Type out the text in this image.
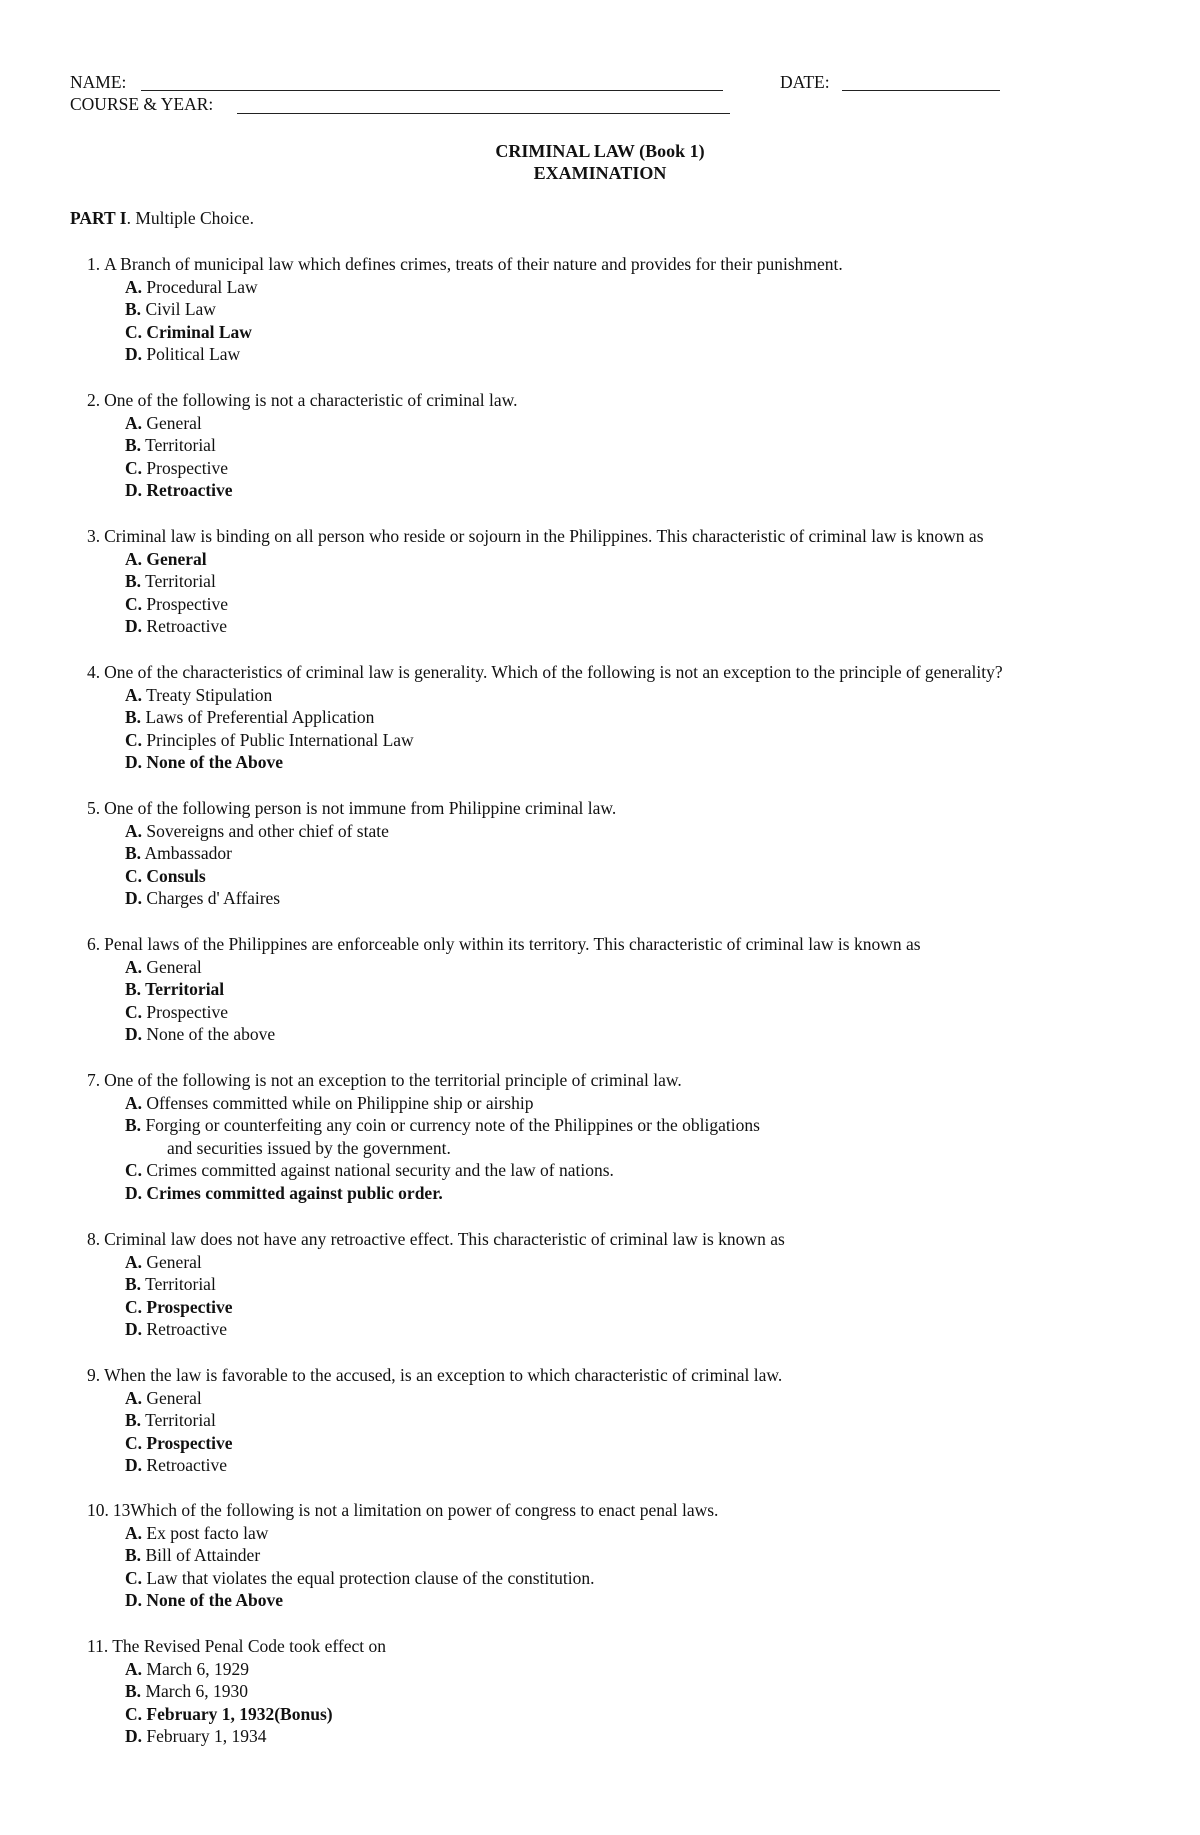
NAME:	DATE:
COURSE & YEAR:
CRIMINAL LAW (Book 1)
EXAMINATION
PART I. Multiple Choice.
1. A Branch of municipal law which defines crimes, treats of their nature and provides for their punishment.
A. Procedural Law
B. Civil Law
C. Criminal Law
D. Political Law
2. One of the following is not a characteristic of criminal law.
A. General
B. Territorial
C. Prospective
D. Retroactive
3. Criminal law is binding on all person who reside or sojourn in the Philippines. This characteristic of criminal law is known as
A. General
B. Territorial
C. Prospective
D. Retroactive
4. One of the characteristics of criminal law is generality. Which of the following is not an exception to the principle of generality?
A. Treaty Stipulation
B. Laws of Preferential Application
C. Principles of Public International Law
D. None of the Above
5. One of the following person is not immune from Philippine criminal law.
A. Sovereigns and other chief of state
B. Ambassador
C. Consuls
D. Charges d' Affaires
6. Penal laws of the Philippines are enforceable only within its territory. This characteristic of criminal law is known as
A. General
B. Territorial
C. Prospective
D. None of the above
7. One of the following is not an exception to the territorial principle of criminal law.
A. Offenses committed while on Philippine ship or airship
B. Forging or counterfeiting any coin or currency note of the Philippines or the obligations
and securities issued by the government.
C. Crimes committed against national security and the law of nations.
D. Crimes committed against public order.
8. Criminal law does not have any retroactive effect. This characteristic of criminal law is known as
A. General
B. Territorial
C. Prospective
D. Retroactive
9. When the law is favorable to the accused, is an exception to which characteristic of criminal law.
A. General
B. Territorial
C. Prospective
D. Retroactive
10. 13Which of the following is not a limitation on power of congress to enact penal laws.
A. Ex post facto law
B. Bill of Attainder
C. Law that violates the equal protection clause of the constitution.
D. None of the Above
11. The Revised Penal Code took effect on
A. March 6, 1929
B. March 6, 1930
C. February 1, 1932(Bonus)
D. February 1, 1934
